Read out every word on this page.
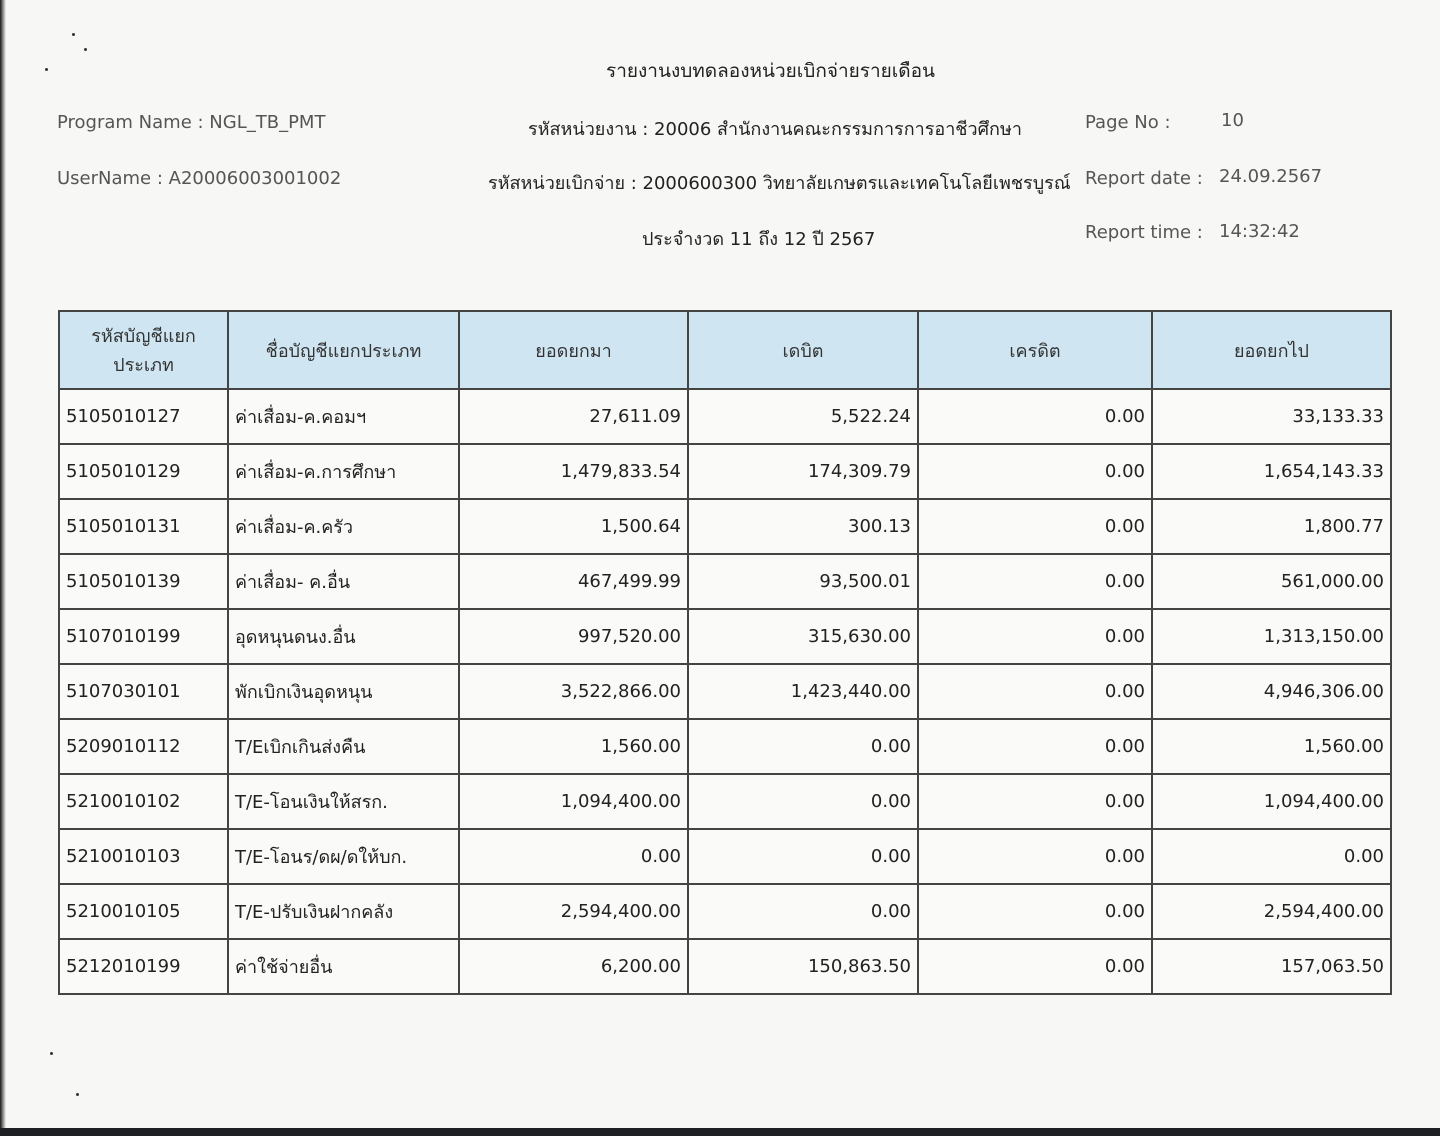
รายงานงบทดลองหน่วยเบิกจ่ายรายเดือน
Program Name : NGL_TB_PMT
UserName : A20006003001002
รหัสหน่วยงาน : 20006 สำนักงานคณะกรรมการการอาชีวศึกษา
รหัสหน่วยเบิกจ่าย : 2000600300 วิทยาลัยเกษตรและเทคโนโลยีเพชรบูรณ์
ประจำงวด 11 ถึง 12 ปี 2567
Page No :	10
Report date : 24.09.2567
Report time : 14:32:42
รหัสบัญชีแยกประเภท	ชื่อบัญชีแยกประเภท	ยอดยกมา	เดบิต	เครดิต	ยอดยกไป
5105010127	ค่าเสื่อม-ค.คอมฯ	27,611.09	5,522.24	0.00	33,133.33
5105010129	ค่าเสื่อม-ค.การศึกษา	1,479,833.54	174,309.79	0.00	1,654,143.33
5105010131	ค่าเสื่อม-ค.ครัว	1,500.64	300.13	0.00	1,800.77
5105010139	ค่าเสื่อม- ค.อื่น	467,499.99	93,500.01	0.00	561,000.00
5107010199	อุดหนุนดนง.อื่น	997,520.00	315,630.00	0.00	1,313,150.00
5107030101	พักเบิกเงินอุดหนุน	3,522,866.00	1,423,440.00	0.00	4,946,306.00
5209010112	T/Eเบิกเกินส่งคืน	1,560.00	0.00	0.00	1,560.00
5210010102	T/E-โอนเงินให้สรก.	1,094,400.00	0.00	0.00	1,094,400.00
5210010103	T/E-โอนร/ดผ/ดให้บก.	0.00	0.00	0.00	0.00
5210010105	T/E-ปรับเงินฝากคลัง	2,594,400.00	0.00	0.00	2,594,400.00
5212010199	ค่าใช้จ่ายอื่น	6,200.00	150,863.50	0.00	157,063.50
